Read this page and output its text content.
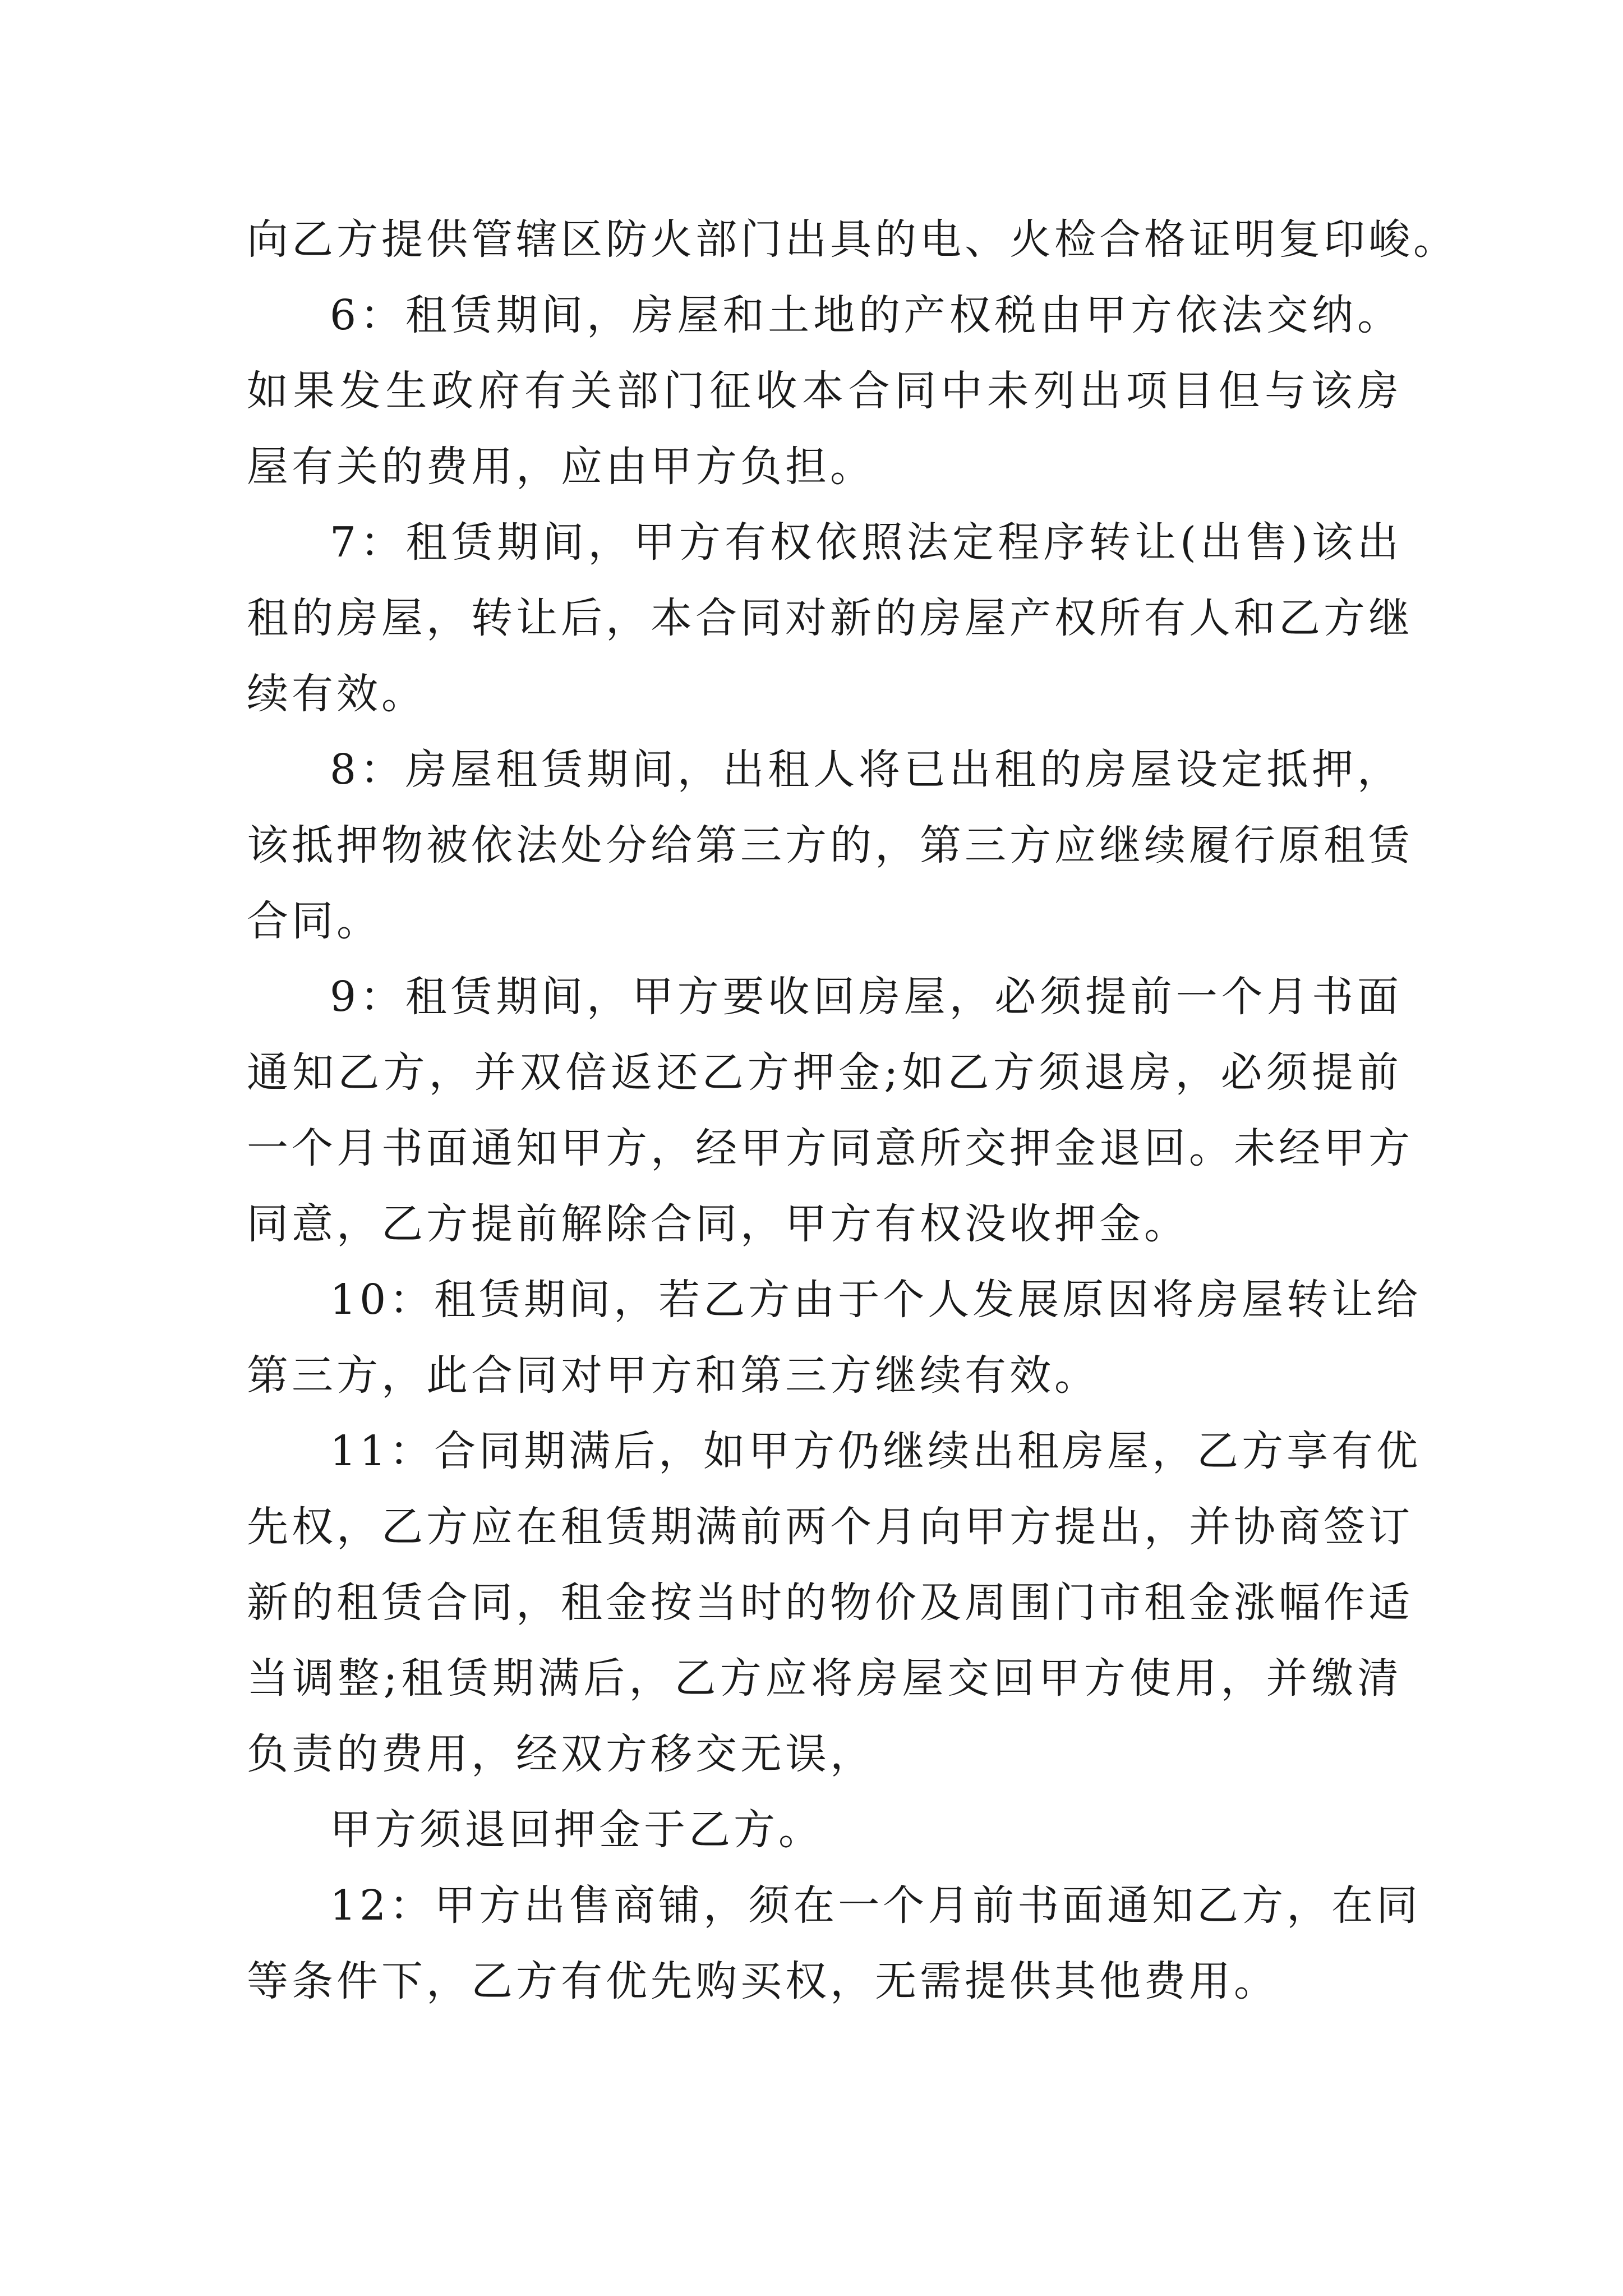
向乙方提供管辖区防火部门出具的电、火检合格证明复印峻。
6：租赁期间，房屋和土地的产权税由甲方依法交纳。
如果发生政府有关部门征收本合同中未列出项目但与该房
屋有关的费用，应由甲方负担。
7：租赁期间，甲方有权依照法定程序转让(出售)该出
租的房屋，转让后，本合同对新的房屋产权所有人和乙方继
续有效。
8：房屋租赁期间，出租人将已出租的房屋设定抵押，
该抵押物被依法处分给第三方的，第三方应继续履行原租赁
合同。
9：租赁期间，甲方要收回房屋，必须提前一个月书面
通知乙方，并双倍返还乙方押金;如乙方须退房，必须提前
一个月书面通知甲方，经甲方同意所交押金退回。未经甲方
同意，乙方提前解除合同，甲方有权没收押金。
10：租赁期间，若乙方由于个人发展原因将房屋转让给
第三方，此合同对甲方和第三方继续有效。
11：合同期满后，如甲方仍继续出租房屋，乙方享有优
先权，乙方应在租赁期满前两个月向甲方提出，并协商签订
新的租赁合同，租金按当时的物价及周围门市租金涨幅作适
当调整;租赁期满后，乙方应将房屋交回甲方使用，并缴清
负责的费用，经双方移交无误，
甲方须退回押金于乙方。
12：甲方出售商铺，须在一个月前书面通知乙方，在同
等条件下，乙方有优先购买权，无需提供其他费用。
